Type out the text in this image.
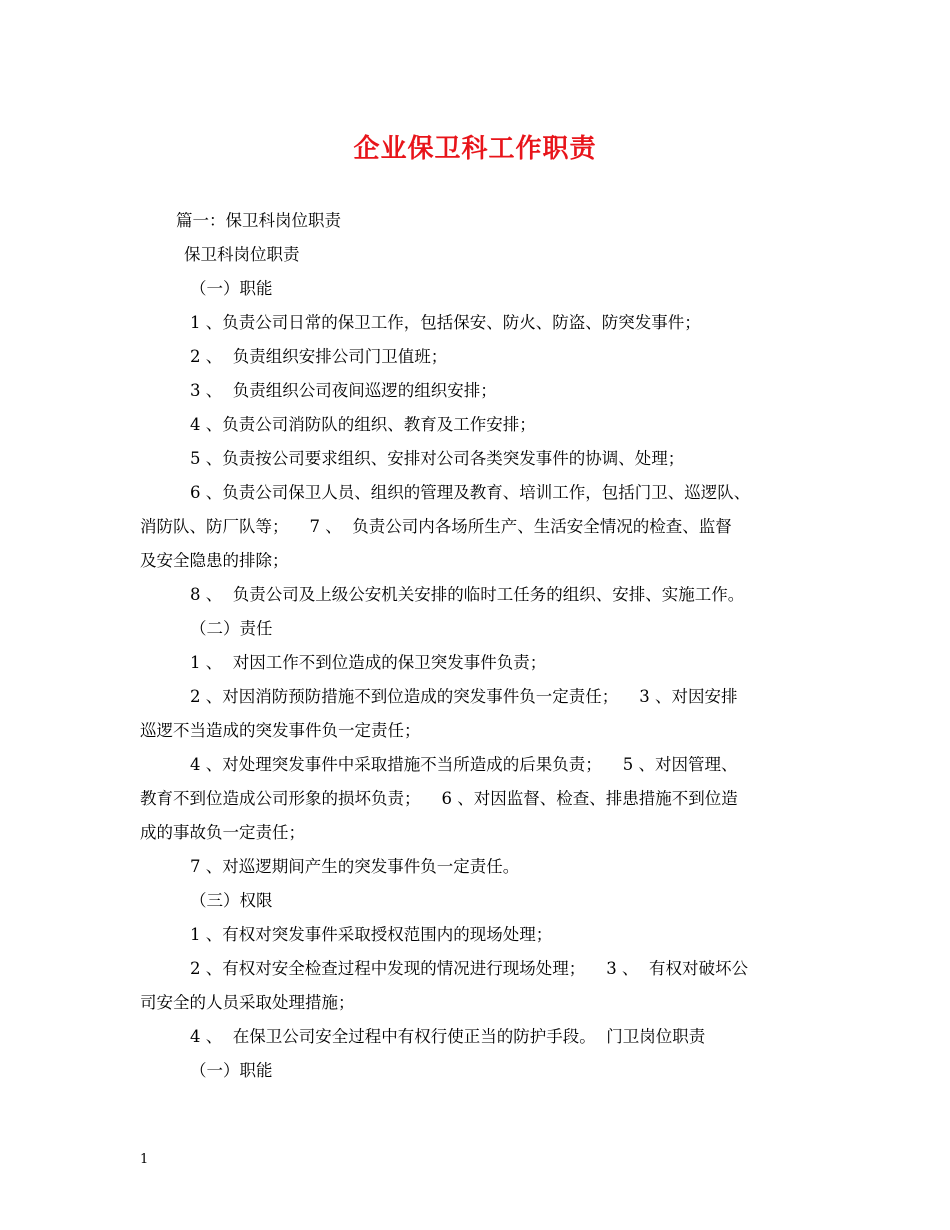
企业保卫科工作职责
篇一：保卫科岗位职责
保卫科岗位职责
（一）职能
1 、负责公司日常的保卫工作，包括保安、防火、防盗、防突发事件；
2 、  负责组织安排公司门卫值班；
3 、  负责组织公司夜间巡逻的组织安排；
4 、负责公司消防队的组织、教育及工作安排；
5 、负责按公司要求组织、安排对公司各类突发事件的协调、处理；
6 、负责公司保卫人员、组织的管理及教育、培训工作，包括门卫、巡逻队、
消防队、防厂队等；    7 、  负责公司内各场所生产、生活安全情况的检查、监督
及安全隐患的排除；
8 、  负责公司及上级公安机关安排的临时工任务的组织、安排、实施工作。
（二）责任
1 、  对因工作不到位造成的保卫突发事件负责；
2 、对因消防预防措施不到位造成的突发事件负一定责任；    3 、对因安排
巡逻不当造成的突发事件负一定责任；
4 、对处理突发事件中采取措施不当所造成的后果负责；    5 、对因管理、
教育不到位造成公司形象的损坏负责；    6 、对因监督、检查、排患措施不到位造
成的事故负一定责任；
7 、对巡逻期间产生的突发事件负一定责任。
（三）权限
1 、有权对突发事件采取授权范围内的现场处理；
2 、有权对安全检查过程中发现的情况进行现场处理；    3 、  有权对破坏公
司安全的人员采取处理措施；
4 、  在保卫公司安全过程中有权行使正当的防护手段。  门卫岗位职责
（一）职能
1
